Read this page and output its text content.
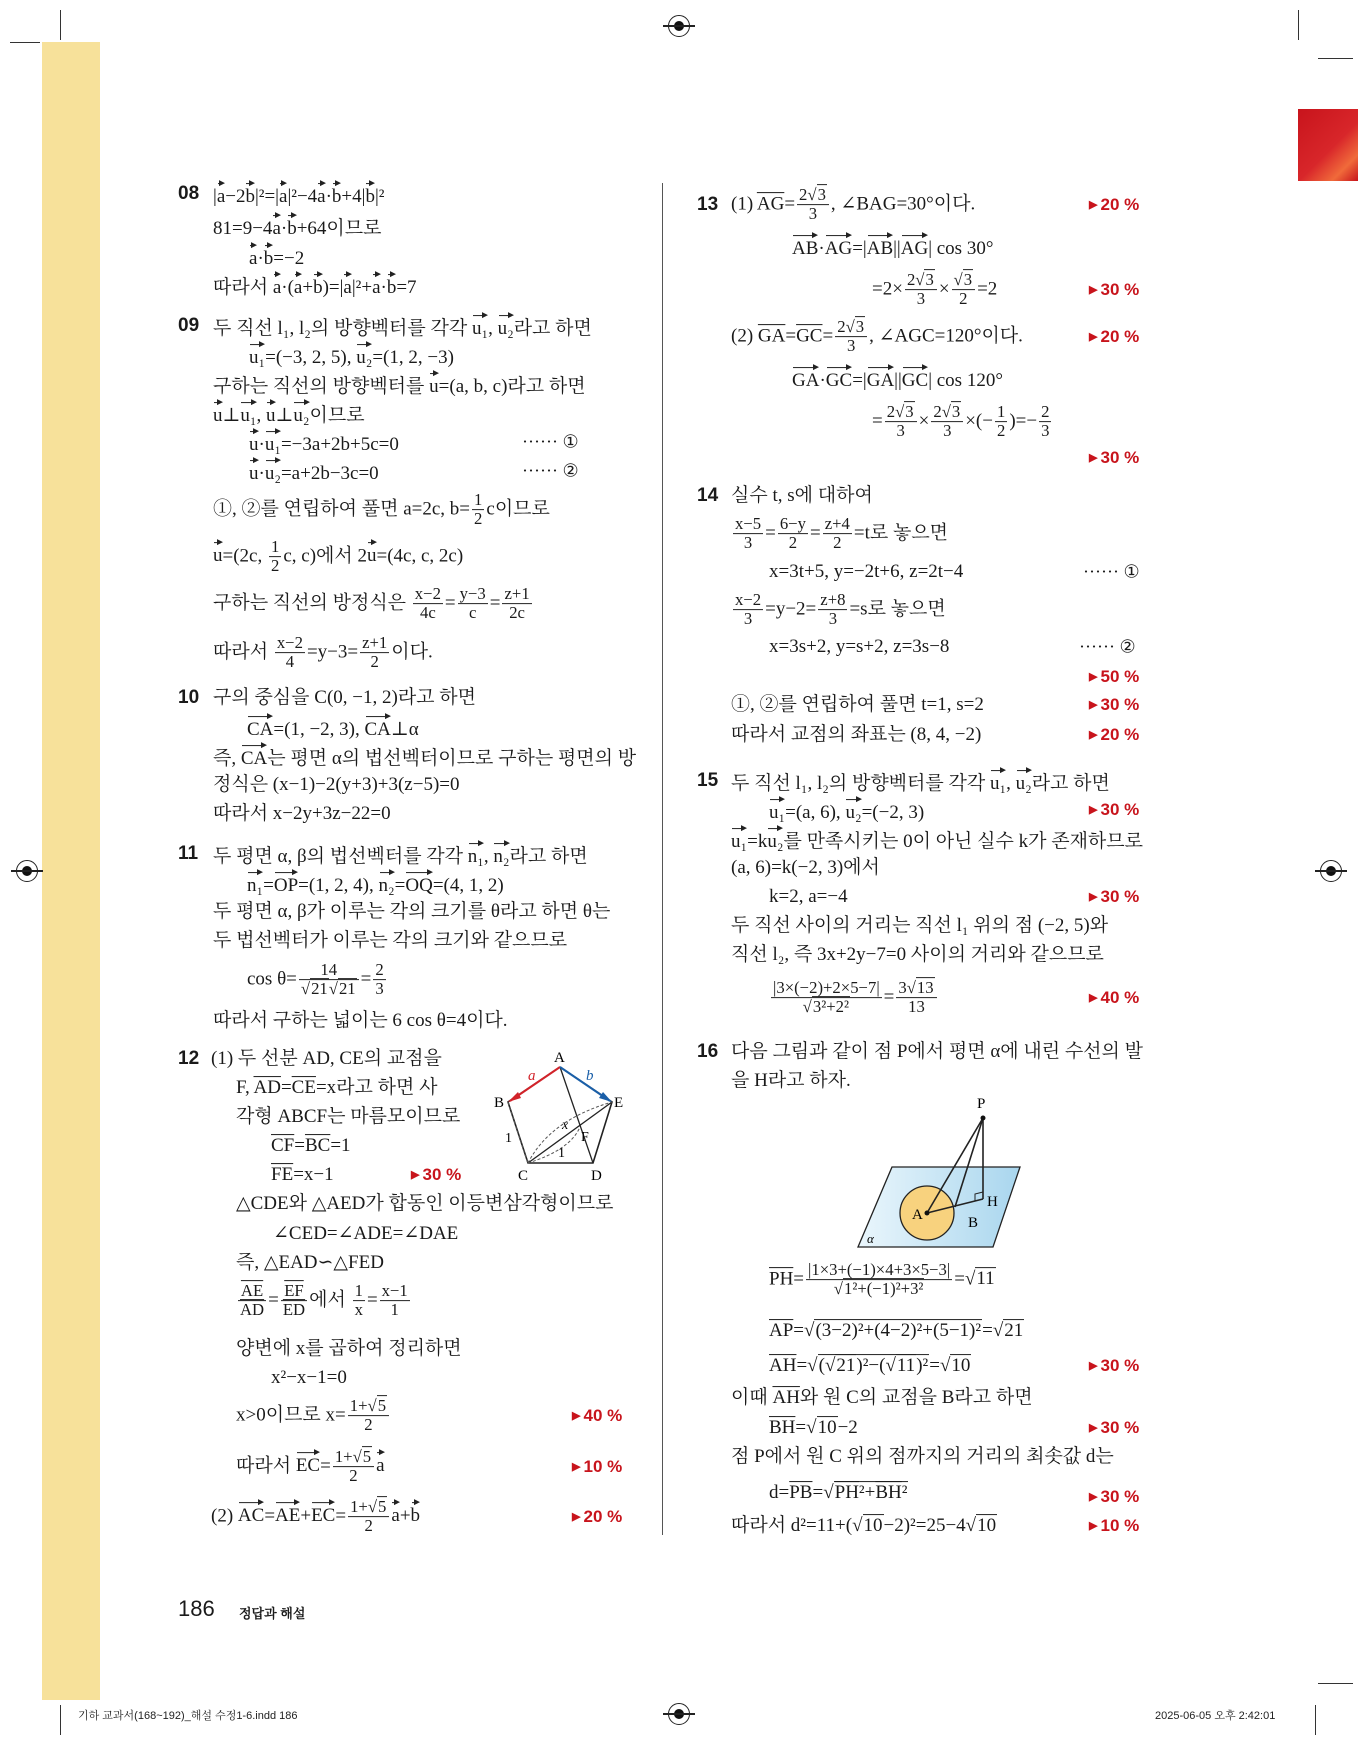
08 |a−2b|²=|a|²−4a·b+4|b|²
81=9−4a·b+64이므로
a·b=−2
따라서 a·(a+b)=|a|²+a·b=7
09 두 직선 l₁, l₂의 방향벡터를 각각 u₁, u₂라고 하면
u₁=(−3, 2, 5), u₂=(1, 2, −3)
구하는 직선의 방향벡터를 u=(a, b, c)라고 하면
u⊥u₁, u⊥u₂이므로
u·u₁=−3a+2b+5c=0	······ ①
u·u₂=a+2b−3c=0	······ ②
①, ②를 연립하여 풀면 a=2c, $b= \frac{1}{2}$ c이므로
u=(2c, $\frac{1}{2} c$, c)에서 2u=(4c, c, 2c)
구하는 직선의 방정식은 $\frac{x-2}{4c} = \frac{y-3}{c} = \frac{z+1}{2c}$
따라서 $\frac{x-2}{4} =y-3= \frac{z+1}{2}$ 이다.
10 구의 중심을 C(0, −1, 2)라고 하면
CA=(1, −2, 3), CA⊥α
즉, CA는 평면 α의 법선벡터이므로 구하는 평면의 방
정식은 (x−1)−2(y+3)+3(z−5)=0
따라서 x−2y+3z−22=0
11 두 평면 α, β의 법선벡터를 각각 n₁, n₂라고 하면
n₁=OP=(1, 2, 4), n₂=OQ=(4, 1, 2)
두 평면 α, β가 이루는 각의 크기를 θ라고 하면 θ는
두 법선벡터가 이루는 각의 크기와 같으므로
$\cos \theta= \frac{14}{√21√21} = \frac{2}{3}$
따라서 구하는 넓이는 6 cos θ=4이다.
12 (1) 두 선분 AD, CE의 교점을
F, $\overline{AD}=\overline{CE}=x$라고 하면 사
각형 ABCF는 마름모이므로
$\overline{CF}=\overline{BC}=1$
$\overline{FE}=x-1$	▶ 30 %
△CDE와 △AED가 합동인 이등변삼각형이므로
∠CED=∠ADE=∠DAE
즉, △EAD∽△FED
$\frac{\overline{AE}}{AD} = \frac{\overline{EF}}{ED}$ 에서 $\frac{1}{x} = \frac{x-1}{1}$
양변에 x를 곱하여 정리하면
x²−x−1=0
x>0이므로 $x= \frac{1+√5}{2}$	▶ 40 %
따라서 $EC= \frac{1+√5}{2}$ a	▶ 10 %
(2) $AC=AE+EC= \frac{1+√5}{2} a+b$	▶ 20 %
A
B
C	D
E
F
a	b
1
1
x
13 (1) $\overline{AG}= \frac{2√3}{3}$ , ∠BAG=30°이다.	▶ 20 %
AB·AG=|AB||AG| cos 30°
$=2\times \frac{2√3}{3} \times \frac{√3}{2} =2$	▶ 30 %
(2) $\overline{GA}=\overline{GC}= \frac{2√3}{3}$ , ∠AGC=120°이다.	▶ 20 %
GA·GC=|GA||GC| cos 120°
= $\frac{2√3}{3} \times \frac{2√3}{3}$ ×(− $\frac{1}{2}$ )=− $\frac{2}{3}$
▶ 30 %
14 실수 t, s에 대하여
$\frac{x-5}{3} = \frac{6-y}{2} = \frac{z+4}{2} =t$로 놓으면
x=3t+5, y=−2t+6, z=2t−4	······ ①
$\frac{x-2}{3} =y-2= \frac{z+8}{3} =s$로 놓으면
x=3s+2, y=s+2, z=3s−8	······ ②
▶ 50 %
①, ②를 연립하여 풀면 t=1, s=2	▶ 30 %
따라서 교점의 좌표는 (8, 4, −2)	▶ 20 %
15 두 직선 l₁, l₂의 방향벡터를 각각 u₁, u₂라고 하면
u₁=(a, 6), u₂=(−2, 3)	▶ 30 %
u₁=ku₂를 만족시키는 0이 아닌 실수 k가 존재하므로
(a, 6)=k(−2, 3)에서
k=2, a=−4	▶ 30 %
두 직선 사이의 거리는 직선 l₁ 위의 점 (−2, 5)와
직선 l₂, 즉 3x+2y−7=0 사이의 거리와 같으므로
$\frac{|3\times(-2)+2\times 5-7|}{\text{√3²+2²}} = \frac{3√13}{13}$	▶ 40 %
16 다음 그림과 같이 점 P에서 평면 α에 내린 수선의 발
을 H라고 하자.
P
A	B
H
α
$\overline{PH}= \frac{|1\times 3+(-1)\times 4+3\times 5-3|}{\text{√1²+(−1)²+3²}} =√11$
$\overline{AP}=√(3-2)^2+(4-2)^2+(5-1)^2=√21$
$\overline{AH}=√(√21)^2-(√11)^2=√10$	▶ 30 %
이때 $\overline{AH}$와 원 C의 교점을 B라고 하면
$\overline{BH}=√10-2$	▶ 30 %
점 P에서 원 C 위의 점까지의 거리의 최솟값 d는
$d=\overline{PB}=√PH^2+\overline{BH}^2$	▶ 30 %
따라서 d²=11+(√10−2)²=25−4√10	▶ 10 %
186 정답과 해설
기하 교과서(168~192)_해설 수정1-6.indd 186	2025-06-05 오후 2:42:01
